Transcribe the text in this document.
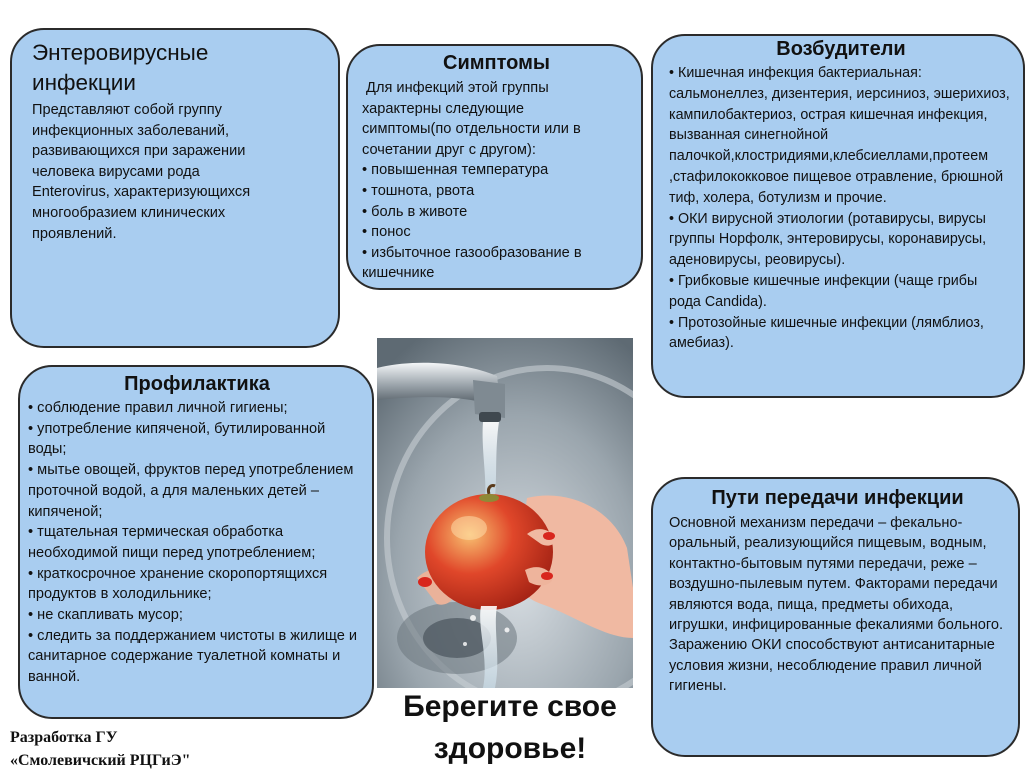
Энтеровирусные
инфекции

Представляют собой группу

инфекционных заболеваний,

развивающихся при заражении

человека вирусами рода

Enterovirus, характеризующихся

многообразием клинических

проявлений.

Симптомы

Для инфекций этой группы

характерны следующие

симптомы(по отдельности или в

сочетании друг с другом):

• повышенная температура
• тошнота, рвота
• боль в животе
• понос
• избыточное газообразование в кишечнике
Возбудители
• Кишечная инфекция бактериальная: сальмонеллез, дизентерия, иерсиниоз, эшерихиоз, кампилобактериоз, острая кишечная инфекция, вызванная синегнойной палочкой,клостридиями,клебсиеллами,протеем ,стафилококковое пищевое отравление, брюшной тиф, холера, ботулизм и прочие.
• ОКИ вирусной этиологии (ротавирусы, вирусы группы Норфолк, энтеровирусы, коронавирусы, аденовирусы, реовирусы).
• Грибковые кишечные инфекции (чаще грибы рода Candida).
• Протозойные кишечные инфекции (лямблиоз, амебиаз).
Профилактика
• соблюдение правил личной гигиены;
• употребление кипяченой, бутилированной воды;
• мытье овощей, фруктов перед употреблением проточной водой, а для маленьких детей – кипяченой;
• тщательная термическая обработка необходимой пищи перед употреблением;
• краткосрочное хранение скоропортящихся продуктов в холодильнике;
• не скапливать мусор;
• следить за поддержанием чистоты в жилище и санитарное содержание туалетной комнаты и ванной.
Пути передачи инфекции
Основной механизм передачи – фекально-оральный, реализующийся пищевым, водным, контактно-бытовым путями передачи, реже –воздушно-пылевым путем. Факторами передачи являются вода, пища, предметы обихода, игрушки, инфицированные фекалиями больного. Заражению ОКИ способствуют антисанитарные условия жизни, несоблюдение правил личной гигиены.
Берегите свое
здоровье!
Разработка ГУ
«Смолевичский РЦГиЭ"
